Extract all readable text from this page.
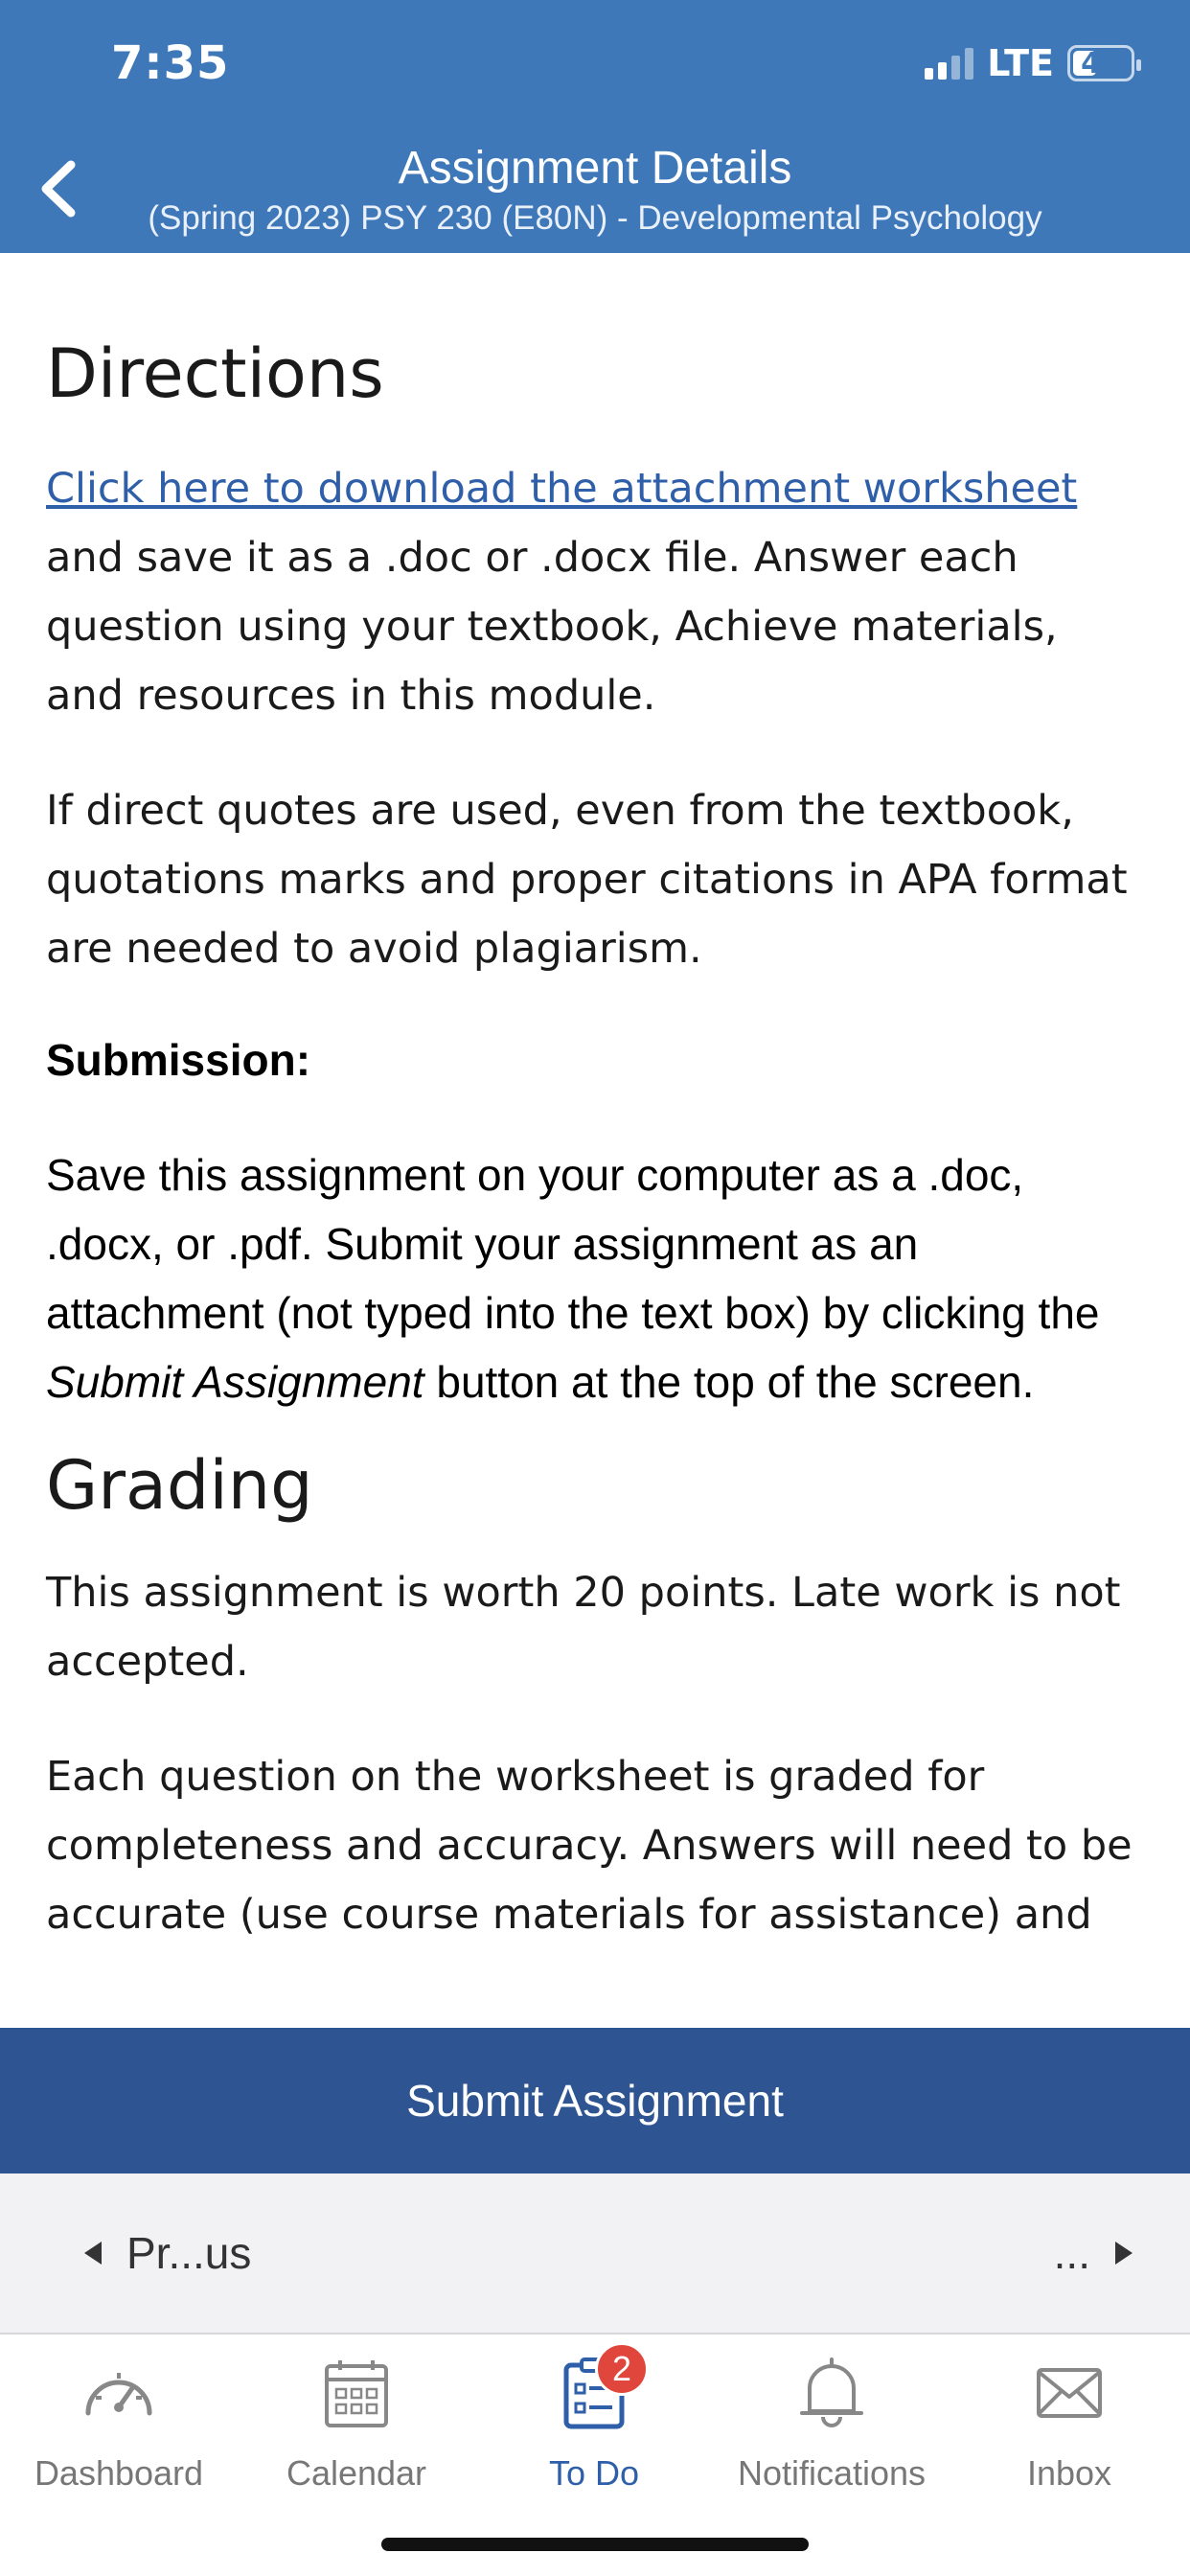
7:35	LTE 48
Assignment Details
(Spring 2023) PSY 230 (E80N) - Developmental Psychology
Directions

Click here to download the attachment worksheet and save it as a .doc or .docx file. Answer each question using your textbook, Achieve materials, and resources in this module.

If direct quotes are used, even from the textbook, quotations marks and proper citations in APA format are needed to avoid plagiarism.

Submission:

Save this assignment on your computer as a .doc, .docx, or .pdf. Submit your assignment as an attachment (not typed into the text box) by clicking the Submit Assignment button at the top of the screen.

Grading

This assignment is worth 20 points. Late work is not accepted.

Each question on the worksheet is graded for completeness and accuracy. Answers will need to be accurate (use course materials for assistance) and

Submit Assignment
Pr...us	...
Dashboard Calendar
2
To Do	Notifications	Inbox
